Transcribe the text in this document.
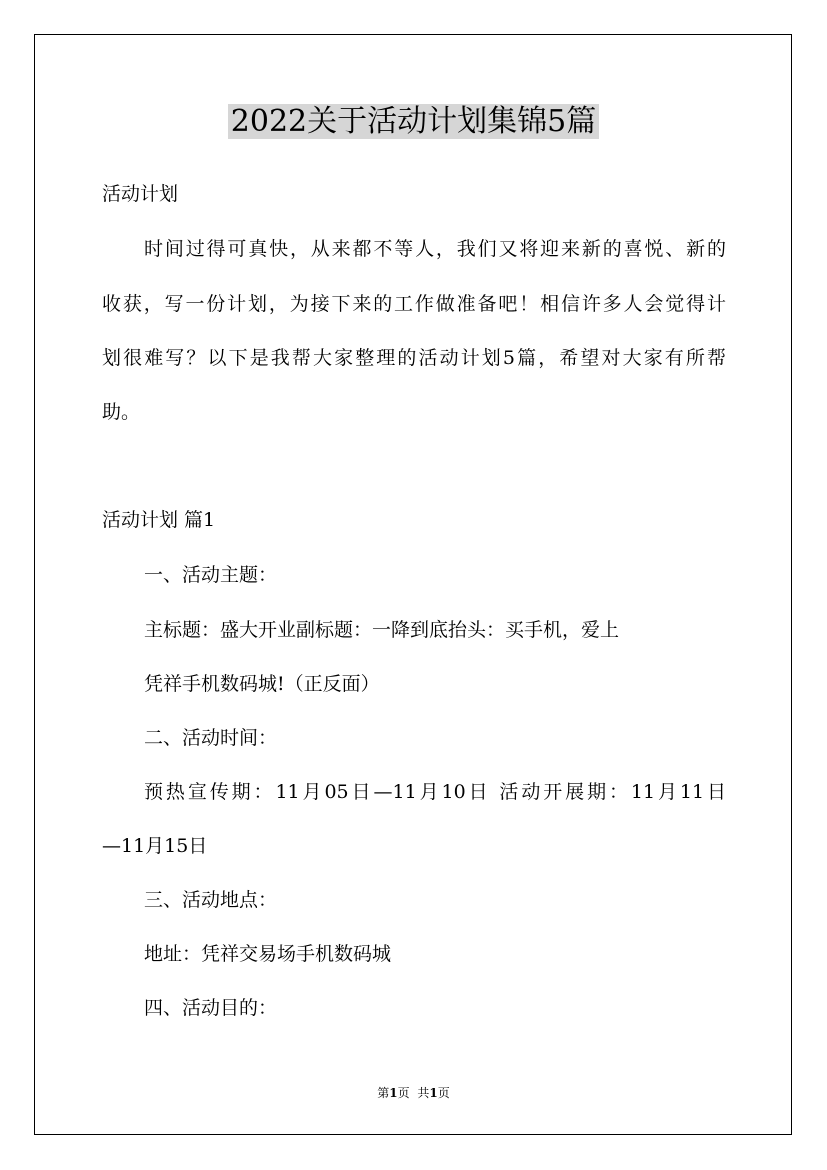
2022关于活动计划集锦5篇

活动计划

时间过得可真快，从来都不等人，我们又将迎来新的喜悦、新的

收获，写一份计划，为接下来的工作做准备吧！相信许多人会觉得计

划很难写？以下是我帮大家整理的活动计划5篇，希望对大家有所帮

助。

活动计划 篇1

一、活动主题：

主标题：盛大开业副标题：一降到底抬头：买手机，爱上

凭祥手机数码城!（正反面）

二、活动时间：

预热宣传期：11月05日—11月10日 活动开展期：11月11日

—11月15日

三、活动地点：

地址：凭祥交易场手机数码城

四、活动目的：

第1页 共1页
